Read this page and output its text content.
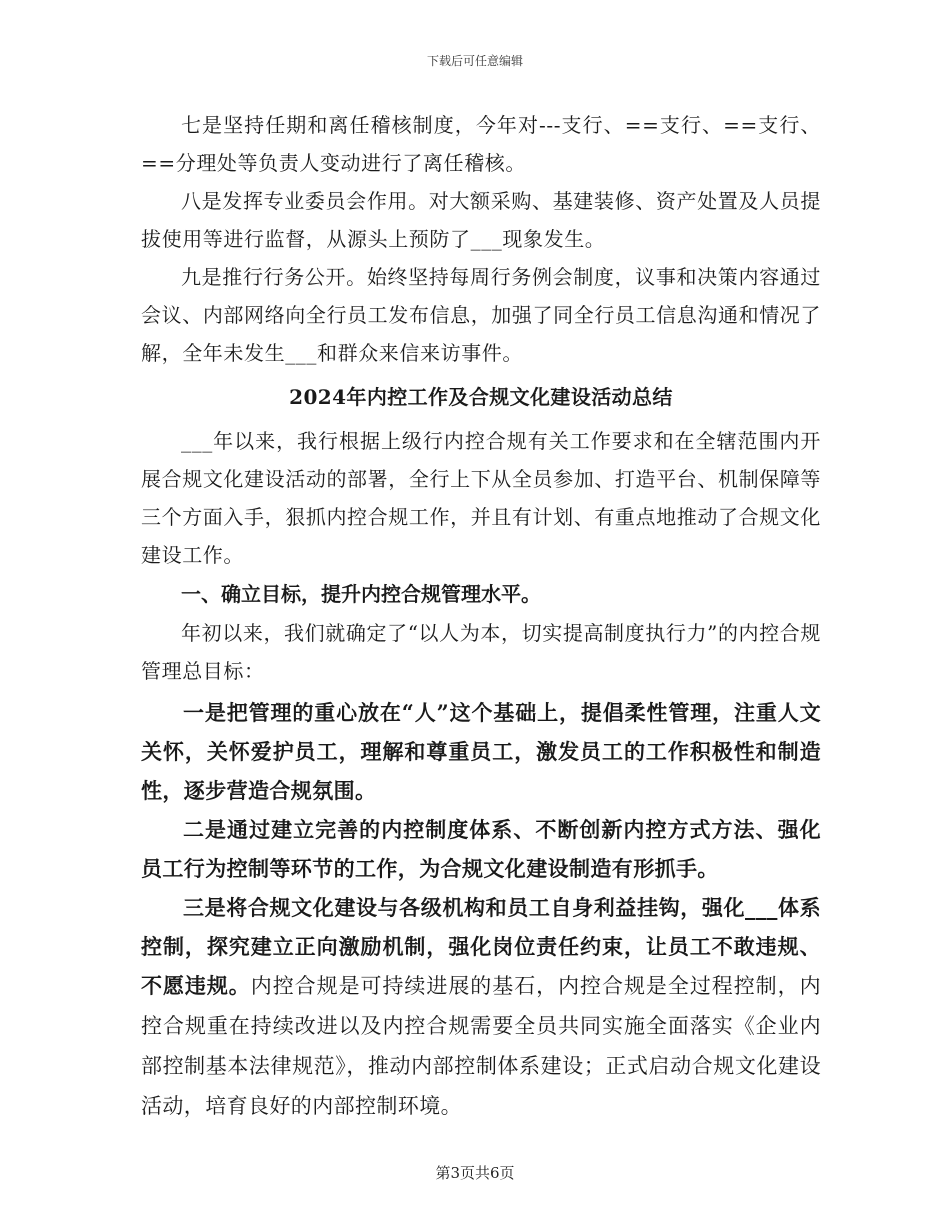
下载后可任意编辑

七是坚持任期和离任稽核制度，今年对---支行、==支行、==支行、==分理处等负责人变动进行了离任稽核。

八是发挥专业委员会作用。对大额采购、基建装修、资产处置及人员提拔使用等进行监督，从源头上预防了___现象发生。

九是推行行务公开。始终坚持每周行务例会制度，议事和决策内容通过会议、内部网络向全行员工发布信息，加强了同全行员工信息沟通和情况了解，全年未发生___和群众来信来访事件。

2024年内控工作及合规文化建设活动总结

___年以来，我行根据上级行内控合规有关工作要求和在全辖范围内开展合规文化建设活动的部署，全行上下从全员参加、打造平台、机制保障等三个方面入手，狠抓内控合规工作，并且有计划、有重点地推动了合规文化建设工作。

一、确立目标，提升内控合规管理水平。

年初以来，我们就确定了“以人为本，切实提高制度执行力”的内控合规管理总目标：

一是把管理的重心放在“人”这个基础上，提倡柔性管理，注重人文关怀，关怀爱护员工，理解和尊重员工，激发员工的工作积极性和制造性，逐步营造合规氛围。

二是通过建立完善的内控制度体系、不断创新内控方式方法、强化员工行为控制等环节的工作，为合规文化建设制造有形抓手。

三是将合规文化建设与各级机构和员工自身利益挂钩，强化___体系控制，探究建立正向激励机制，强化岗位责任约束，让员工不敢违规、不愿违规。内控合规是可持续进展的基石，内控合规是全过程控制，内控合规重在持续改进以及内控合规需要全员共同实施全面落实《企业内部控制基本法律规范》，推动内部控制体系建设；正式启动合规文化建设活动，培育良好的内部控制环境。

第3页共6页
